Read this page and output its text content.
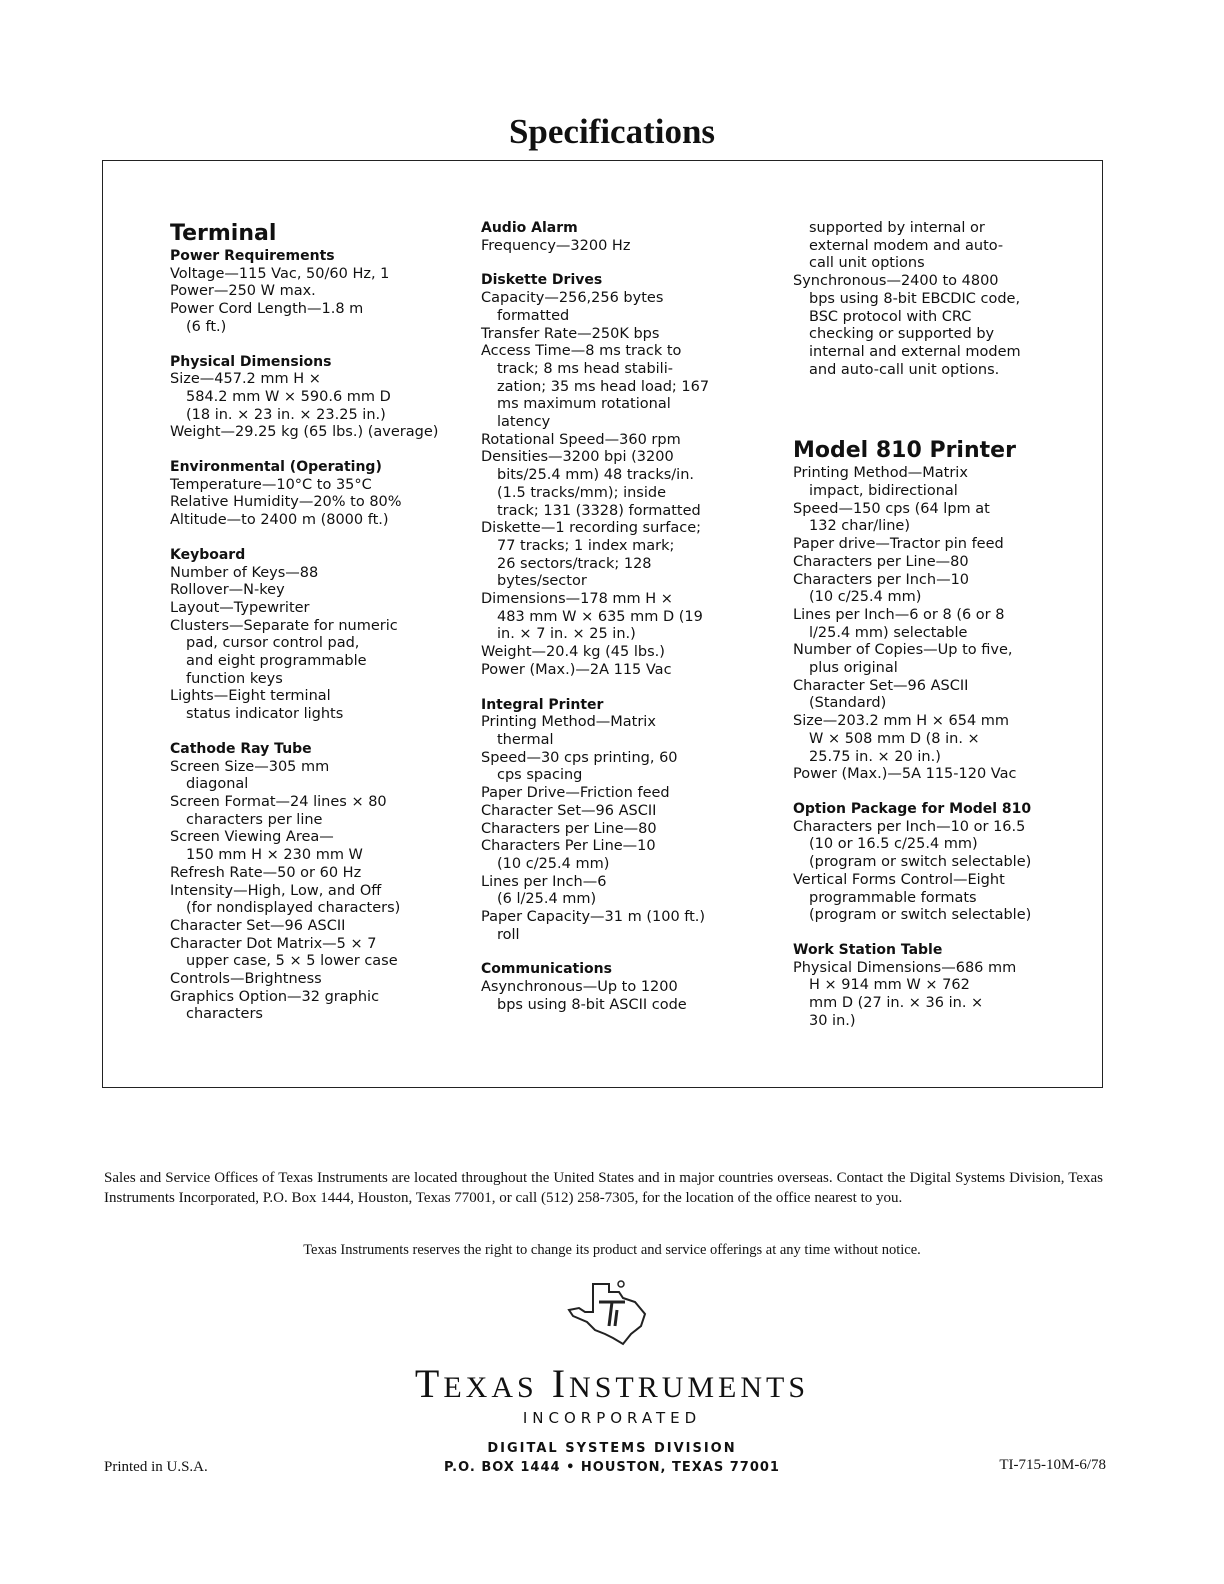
Specifications
Terminal
Power Requirements
Voltage—115 Vac, 50/60 Hz, 1
Power—250 W max.
Power Cord Length—1.8 m
(6 ft.)
Physical Dimensions
Size—457.2 mm H ×
584.2 mm W × 590.6 mm D
(18 in. × 23 in. × 23.25 in.)
Weight—29.25 kg (65 lbs.) (average)
Environmental (Operating)
Temperature—10°C to 35°C
Relative Humidity—20% to 80%
Altitude—to 2400 m (8000 ft.)
Keyboard
Number of Keys—88
Rollover—N-key
Layout—Typewriter
Clusters—Separate for numeric
pad, cursor control pad,
and eight programmable
function keys
Lights—Eight terminal
status indicator lights
Cathode Ray Tube
Screen Size—305 mm
diagonal
Screen Format—24 lines × 80
characters per line
Screen Viewing Area—
150 mm H × 230 mm W
Refresh Rate—50 or 60 Hz
Intensity—High, Low, and Off
(for nondisplayed characters)
Character Set—96 ASCII
Character Dot Matrix—5 × 7
upper case, 5 × 5 lower case
Controls—Brightness
Graphics Option—32 graphic
characters
Audio Alarm
Frequency—3200 Hz
Diskette Drives
Capacity—256,256 bytes
formatted
Transfer Rate—250K bps
Access Time—8 ms track to
track; 8 ms head stabili-
zation; 35 ms head load; 167
ms maximum rotational
latency
Rotational Speed—360 rpm
Densities—3200 bpi (3200
bits/25.4 mm) 48 tracks/in.
(1.5 tracks/mm); inside
track; 131 (3328) formatted
Diskette—1 recording surface;
77 tracks; 1 index mark;
26 sectors/track; 128
bytes/sector
Dimensions—178 mm H ×
483 mm W × 635 mm D (19
in. × 7 in. × 25 in.)
Weight—20.4 kg (45 lbs.)
Power (Max.)—2A 115 Vac
Integral Printer
Printing Method—Matrix
thermal
Speed—30 cps printing, 60
cps spacing
Paper Drive—Friction feed
Character Set—96 ASCII
Characters per Line—80
Characters Per Line—10
(10 c/25.4 mm)
Lines per Inch—6
(6 l/25.4 mm)
Paper Capacity—31 m (100 ft.)
roll
Communications
Asynchronous—Up to 1200
bps using 8-bit ASCII code
supported by internal or
external modem and auto-
call unit options
Synchronous—2400 to 4800
bps using 8-bit EBCDIC code,
BSC protocol with CRC
checking or supported by
internal and external modem
and auto-call unit options.
Model 810 Printer
Printing Method—Matrix
impact, bidirectional
Speed—150 cps (64 lpm at
132 char/line)
Paper drive—Tractor pin feed
Characters per Line—80
Characters per Inch—10
(10 c/25.4 mm)
Lines per Inch—6 or 8 (6 or 8
l/25.4 mm) selectable
Number of Copies—Up to five,
plus original
Character Set—96 ASCII
(Standard)
Size—203.2 mm H × 654 mm
W × 508 mm D (8 in. ×
25.75 in. × 20 in.)
Power (Max.)—5A 115-120 Vac
Option Package for Model 810
Characters per Inch—10 or 16.5
(10 or 16.5 c/25.4 mm)
(program or switch selectable)
Vertical Forms Control—Eight
programmable formats
(program or switch selectable)
Work Station Table
Physical Dimensions—686 mm
H × 914 mm W × 762
mm D (27 in. × 36 in. ×
30 in.)
Sales and Service Offices of Texas Instruments are located throughout the United States and in major countries overseas. Contact the Digital Systems Division, Texas Instruments Incorporated, P.O. Box 1444, Houston, Texas 77001, or call (512) 258-7305, for the location of the office nearest to you.
Texas Instruments reserves the right to change its product and service offerings at any time without notice.
TEXAS INSTRUMENTS
INCORPORATED
DIGITAL SYSTEMS DIVISION
P.O. BOX 1444 • HOUSTON, TEXAS 77001
Printed in U.S.A.	TI-715-10M-6/78
